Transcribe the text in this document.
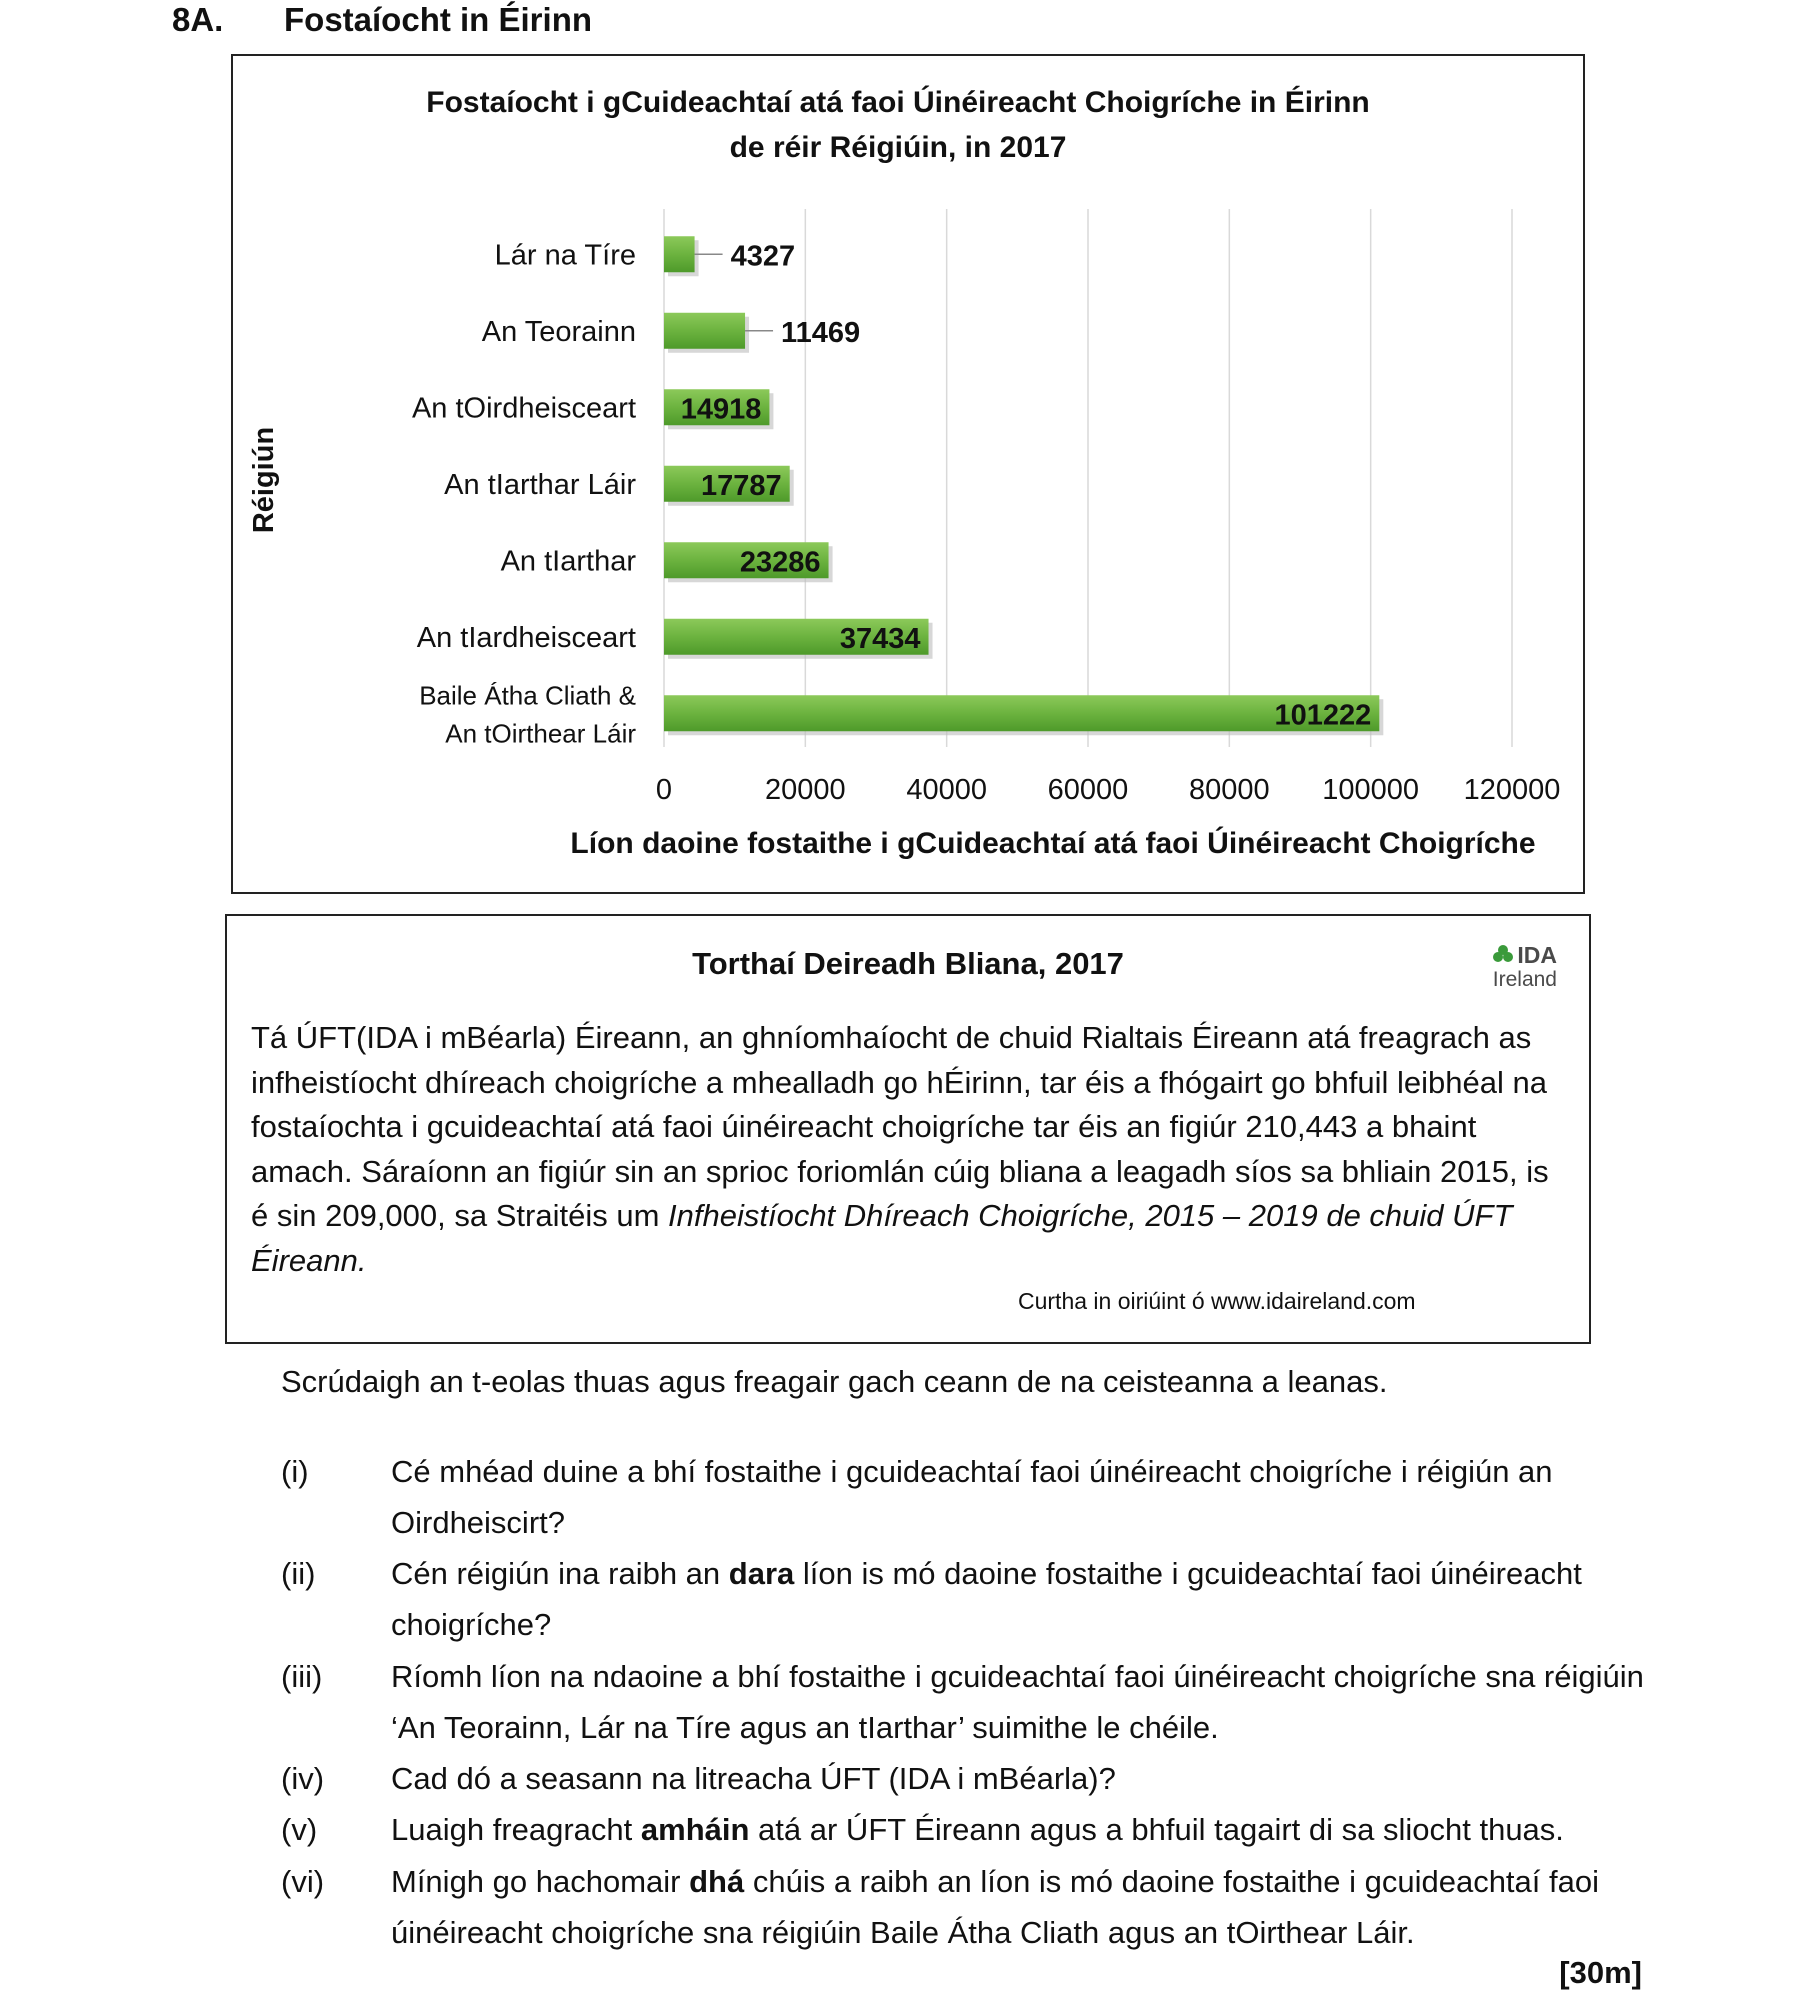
8A. Fostaíocht in Éirinn
Fostaíocht i gCuideachtaí atá faoi Úinéireacht Choigríche in Éirinn
de réir Réigiúin, in 2017
0	20000 40000 60000 80000 100000 120000
Lár na Tíre	4327
An Teorainn	11469
An tOirdheisceart 14918
An tIarthar Láir 17787
An tIarthar	23286
An tIardheisceart	37434
Baile Átha Cliath &
An tOirthear Láir
101222
Réigiún
Líon daoine fostaithe i gCuideachtaí atá faoi Úinéireacht Choigríche
Torthaí Deireadh Bliana, 2017	IDA
Ireland

Tá ÚFT(IDA i mBéarla) Éireann, an ghníomhaíocht de chuid Rialtais Éireann atá freagrach as infheistíocht dhíreach choigríche a mhealladh go hÉirinn, tar éis a fhógairt go bhfuil leibhéal na fostaíochta i gcuideachtaí atá faoi úinéireacht choigríche tar éis an figiúr 210,443 a bhaint amach. Sáraíonn an figiúr sin an sprioc foriomlán cúig bliana a leagadh síos sa bhliain 2015, is é sin 209,000, sa Straitéis um Infheistíocht Dhíreach Choigríche, 2015 – 2019 de chuid ÚFT Éireann.

Curtha in oiriúint ó www.idaireland.com
Scrúdaigh an t-eolas thuas agus freagair gach ceann de na ceisteanna a leanas.
(i)	Cé mhéad duine a bhí fostaithe i gcuideachtaí faoi úinéireacht choigríche i réigiún an Oirdheiscirt?
(ii) Cén réigiún ina raibh an dara líon is mó daoine fostaithe i gcuideachtaí faoi úinéireacht choigríche?
(iii) Ríomh líon na ndaoine a bhí fostaithe i gcuideachtaí faoi úinéireacht choigríche sna réigiúin ‘An Teorainn, Lár na Tíre agus an tIarthar’ suimithe le chéile.
(iv) Cad dó a seasann na litreacha ÚFT (IDA i mBéarla)?
(v) Luaigh freagracht amháin atá ar ÚFT Éireann agus a bhfuil tagairt di sa sliocht thuas.
(vi) Mínigh go hachomair dhá chúis a raibh an líon is mó daoine fostaithe i gcuideachtaí faoi úinéireacht choigríche sna réigiúin Baile Átha Cliath agus an tOirthear Láir.
[30m]
